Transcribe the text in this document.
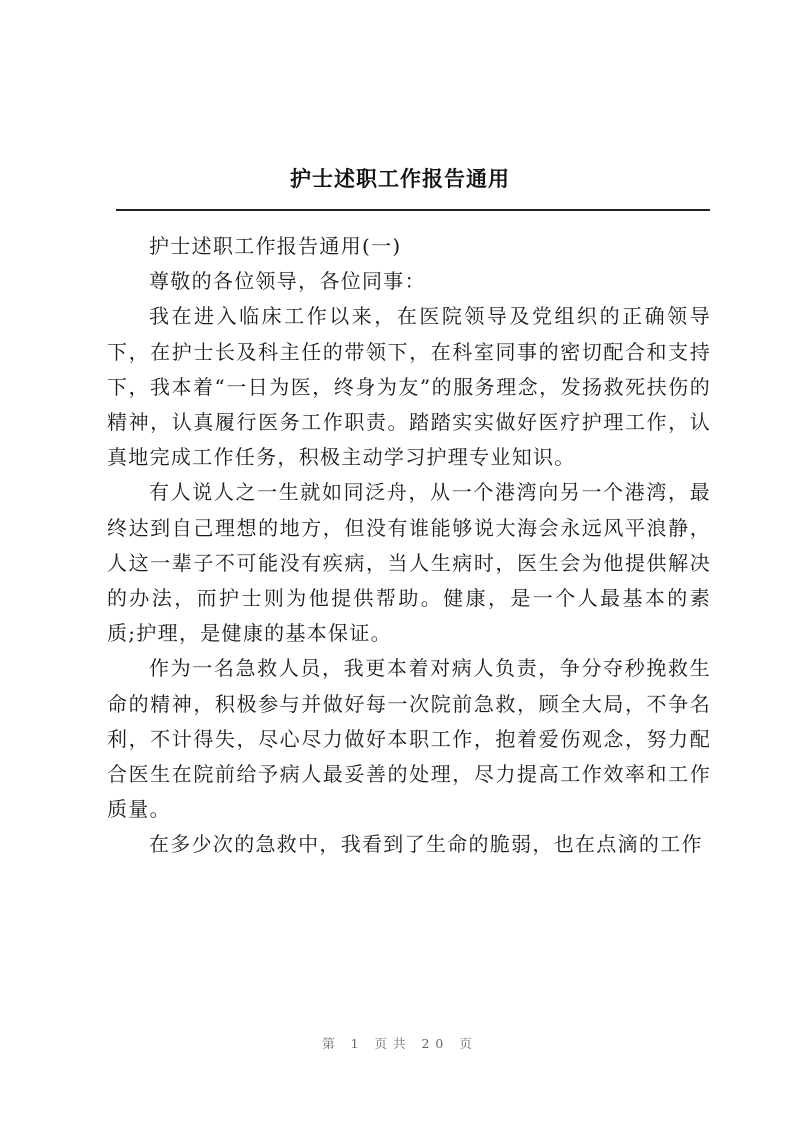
护士述职工作报告通用

护士述职工作报告通用(一)

尊敬的各位领导，各位同事：

我在进入临床工作以来，在医院领导及党组织的正确领导下，在护士长及科主任的带领下，在科室同事的密切配合和支持下，我本着“一日为医，终身为友”的服务理念，发扬救死扶伤的精神，认真履行医务工作职责。踏踏实实做好医疗护理工作，认真地完成工作任务，积极主动学习护理专业知识。

有人说人之一生就如同泛舟，从一个港湾向另一个港湾，最终达到自己理想的地方，但没有谁能够说大海会永远风平浪静，人这一辈子不可能没有疾病，当人生病时，医生会为他提供解决的办法，而护士则为他提供帮助。健康，是一个人最基本的素质;护理，是健康的基本保证。

作为一名急救人员，我更本着对病人负责，争分夺秒挽救生命的精神，积极参与并做好每一次院前急救，顾全大局，不争名利，不计得失，尽心尽力做好本职工作，抱着爱伤观念，努力配合医生在院前给予病人最妥善的处理，尽力提高工作效率和工作质量。

在多少次的急救中，我看到了生命的脆弱，也在点滴的工作

第 1 页共 20 页
